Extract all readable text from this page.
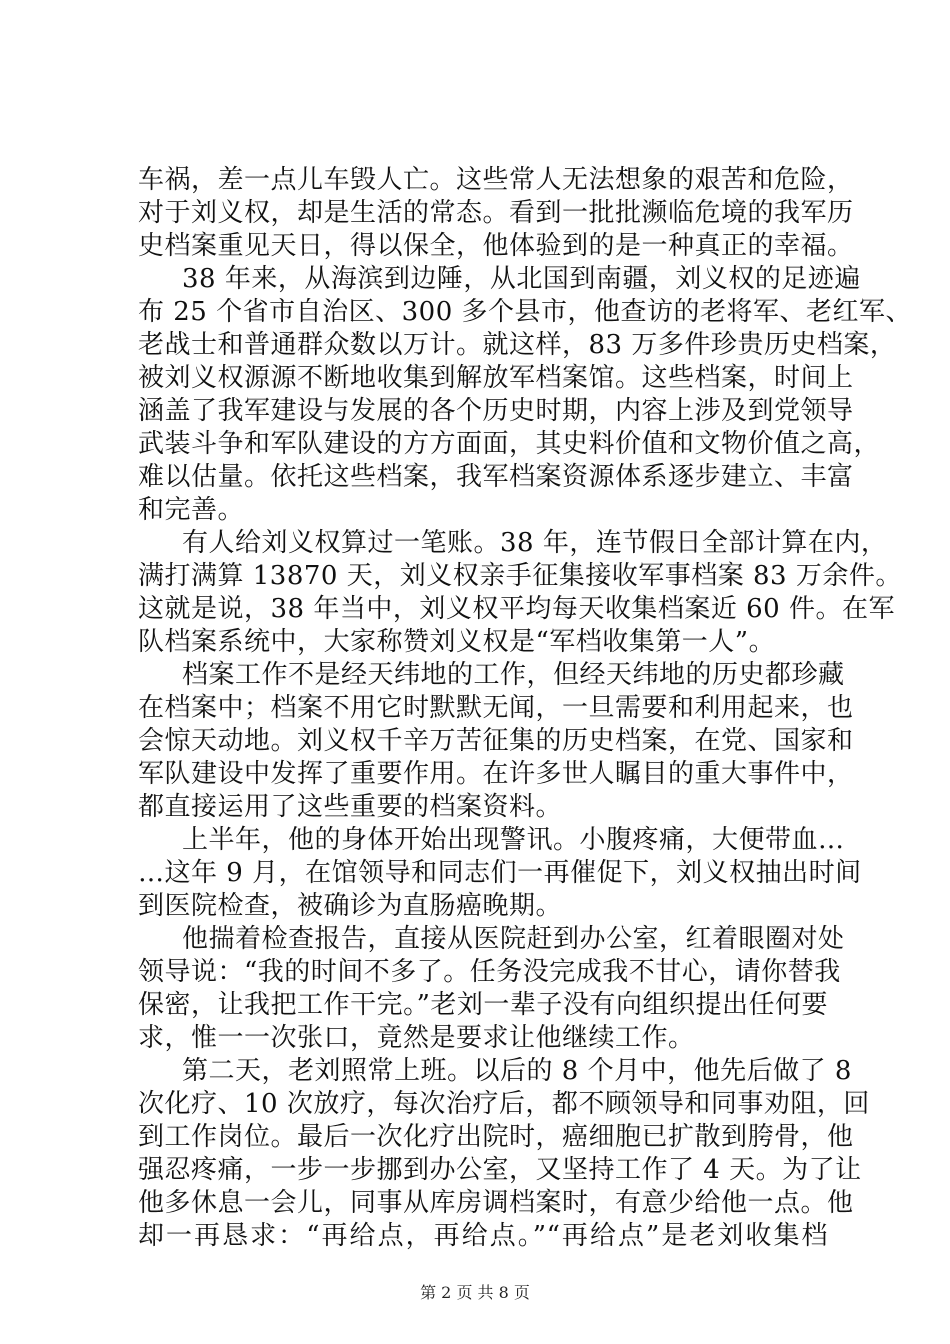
车祸，差一点儿车毁人亡。这些常人无法想象的艰苦和危险，
对于刘义权，却是生活的常态。看到一批批濒临危境的我军历
史档案重见天日，得以保全，他体验到的是一种真正的幸福。
38 年来，从海滨到边陲，从北国到南疆，刘义权的足迹遍
布 25 个省市自治区、300 多个县市，他查访的老将军、老红军、
老战士和普通群众数以万计。就这样，83 万多件珍贵历史档案，
被刘义权源源不断地收集到解放军档案馆。这些档案，时间上
涵盖了我军建设与发展的各个历史时期，内容上涉及到党领导
武装斗争和军队建设的方方面面，其史料价值和文物价值之高，
难以估量。依托这些档案，我军档案资源体系逐步建立、丰富
和完善。
有人给刘义权算过一笔账。38 年，连节假日全部计算在内，
满打满算 13870 天，刘义权亲手征集接收军事档案 83 万余件。
这就是说，38 年当中，刘义权平均每天收集档案近 60 件。在军
队档案系统中，大家称赞刘义权是“军档收集第一人”。
档案工作不是经天纬地的工作，但经天纬地的历史都珍藏
在档案中；档案不用它时默默无闻，一旦需要和利用起来，也
会惊天动地。刘义权千辛万苦征集的历史档案，在党、国家和
军队建设中发挥了重要作用。在许多世人瞩目的重大事件中，
都直接运用了这些重要的档案资料。
上半年，他的身体开始出现警讯。小腹疼痛，大便带血…
…这年 9 月，在馆领导和同志们一再催促下，刘义权抽出时间
到医院检查，被确诊为直肠癌晚期。
他揣着检查报告，直接从医院赶到办公室，红着眼圈对处
领导说：“我的时间不多了。任务没完成我不甘心，请你替我
保密，让我把工作干完。”老刘一辈子没有向组织提出任何要
求，惟一一次张口，竟然是要求让他继续工作。
第二天，老刘照常上班。以后的 8 个月中，他先后做了 8
次化疗、10 次放疗，每次治疗后，都不顾领导和同事劝阻，回
到工作岗位。最后一次化疗出院时，癌细胞已扩散到胯骨，他
强忍疼痛，一步一步挪到办公室，又坚持工作了 4 天。为了让
他多休息一会儿，同事从库房调档案时，有意少给他一点。他
却一再恳求：“再给点，再给点。”“再给点”是老刘收集档
第 2 页 共 8 页
